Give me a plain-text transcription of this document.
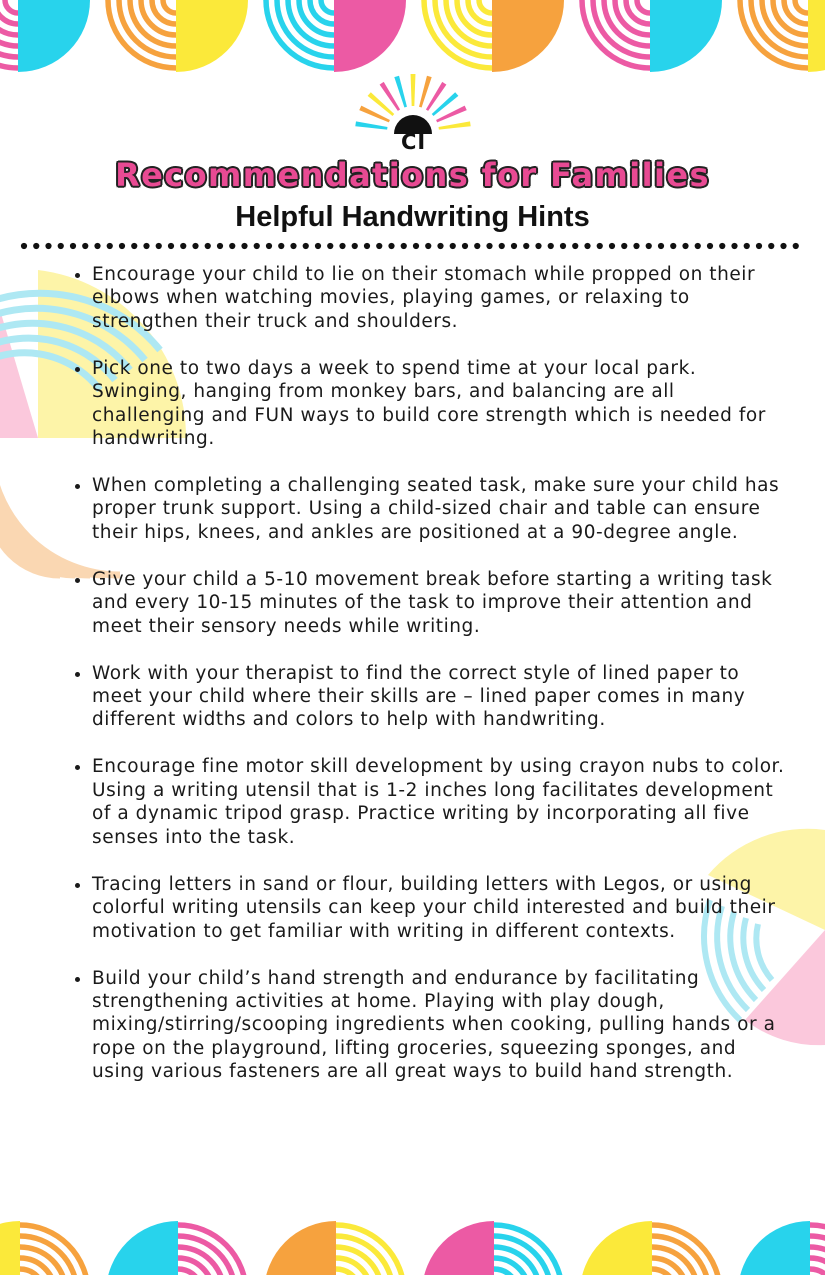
CI
Recommendations for Families
Helpful Handwriting Hints
• Encourage your child to lie on their stomach while propped on their elbows when watching movies, playing games, or relaxing to strengthen their truck and shoulders.
• Pick one to two days a week to spend time at your local park. Swinging, hanging from monkey bars, and balancing are all challenging and FUN ways to build core strength which is needed for handwriting.
• When completing a challenging seated task, make sure your child has proper trunk support. Using a child-sized chair and table can ensure their hips, knees, and ankles are positioned at a 90-degree angle.
• Give your child a 5-10 movement break before starting a writing task and every 10-15 minutes of the task to improve their attention and meet their sensory needs while writing.
• Work with your therapist to find the correct style of lined paper to meet your child where their skills are – lined paper comes in many different widths and colors to help with handwriting.
• Encourage fine motor skill development by using crayon nubs to color. Using a writing utensil that is 1-2 inches long facilitates development of a dynamic tripod grasp. Practice writing by incorporating all five senses into the task.
• Tracing letters in sand or flour, building letters with Legos, or using colorful writing utensils can keep your child interested and build their motivation to get familiar with writing in different contexts.
• Build your child’s hand strength and endurance by facilitating strengthening activities at home. Playing with play dough, mixing/stirring/scooping ingredients when cooking, pulling hands or a rope on the playground, lifting groceries, squeezing sponges, and using various fasteners are all great ways to build hand strength.
